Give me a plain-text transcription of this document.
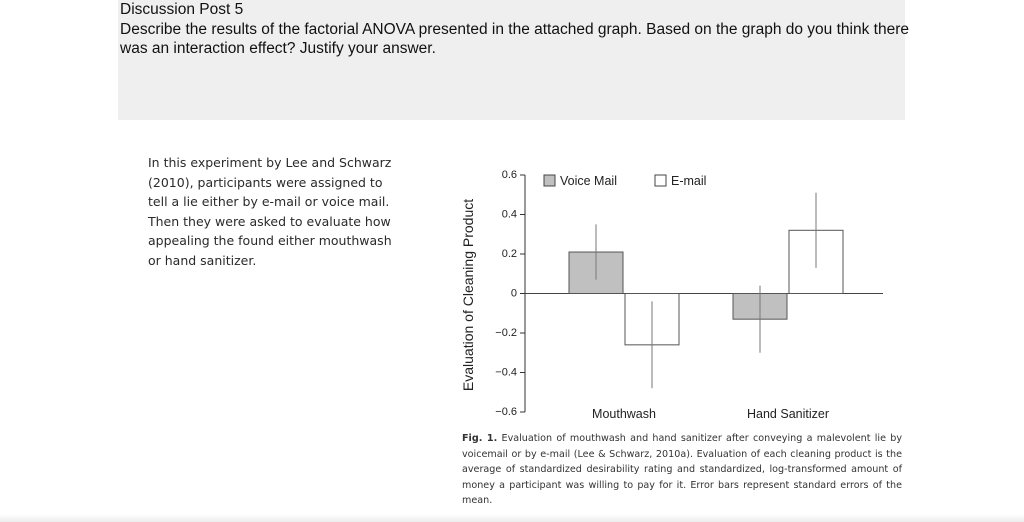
Discussion Post 5
Describe the results of the factorial ANOVA presented in the attached graph. Based on the graph do you think there was an interaction effect? Justify your answer.
In this experiment by Lee and Schwarz (2010), participants were assigned to tell a lie either by e-mail or voice mail. Then they were asked to evaluate how appealing the found either mouthwash or hand sanitizer.
0.6
0.4
0.2
0
−0.2
−0.4
−0.6	Mouthwash	Hand Sanitizer
Voice Mail	E-mail
Evaluation of Cleaning Product
Fig. 1. Evaluation of mouthwash and hand sanitizer after conveying a malevolent lie by voicemail or by e-mail (Lee & Schwarz, 2010a). Evaluation of each cleaning product is the average of standardized desirability rating and standardized, log-transformed amount of money a participant was willing to pay for it. Error bars represent standard errors of the mean.
